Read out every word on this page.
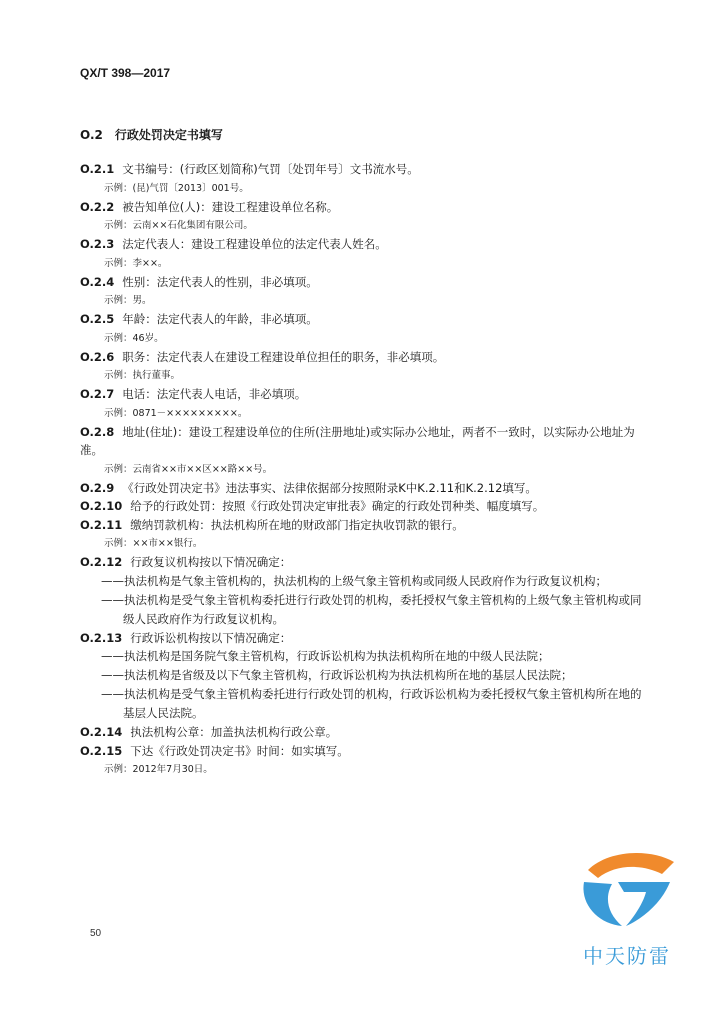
QX/T 398—2017
O.2　行政处罚决定书填写
O.2.1 文书编号：(行政区划简称)气罚〔处罚年号〕文书流水号。
示例：(昆)气罚〔2013〕001号。
O.2.2 被告知单位(人)：建设工程建设单位名称。
示例：云南××石化集团有限公司。
O.2.3 法定代表人：建设工程建设单位的法定代表人姓名。
示例：李××。
O.2.4 性别：法定代表人的性别，非必填项。
示例：男。
O.2.5 年龄：法定代表人的年龄，非必填项。
示例：46岁。
O.2.6 职务：法定代表人在建设工程建设单位担任的职务，非必填项。
示例：执行董事。
O.2.7 电话：法定代表人电话，非必填项。
示例：0871－×××××××××。
O.2.8 地址(住址)：建设工程建设单位的住所(注册地址)或实际办公地址，两者不一致时，以实际办公地址为准。
示例：云南省××市××区××路××号。
O.2.9 《行政处罚决定书》违法事实、法律依据部分按照附录K中K.2.11和K.2.12填写。
O.2.10 给予的行政处罚：按照《行政处罚决定审批表》确定的行政处罚种类、幅度填写。
O.2.11 缴纳罚款机构：执法机构所在地的财政部门指定执收罚款的银行。
示例：××市××银行。
O.2.12 行政复议机构按以下情况确定：
——执法机构是气象主管机构的，执法机构的上级气象主管机构或同级人民政府作为行政复议机构；
——执法机构是受气象主管机构委托进行行政处罚的机构，委托授权气象主管机构的上级气象主管机构或同级人民政府作为行政复议机构。
O.2.13 行政诉讼机构按以下情况确定：
——执法机构是国务院气象主管机构，行政诉讼机构为执法机构所在地的中级人民法院；
——执法机构是省级及以下气象主管机构，行政诉讼机构为执法机构所在地的基层人民法院；
——执法机构是受气象主管机构委托进行行政处罚的机构，行政诉讼机构为委托授权气象主管机构所在地的基层人民法院。
O.2.14 执法机构公章：加盖执法机构行政公章。
O.2.15 下达《行政处罚决定书》时间：如实填写。
示例：2012年7月30日。
50
中天防雷
